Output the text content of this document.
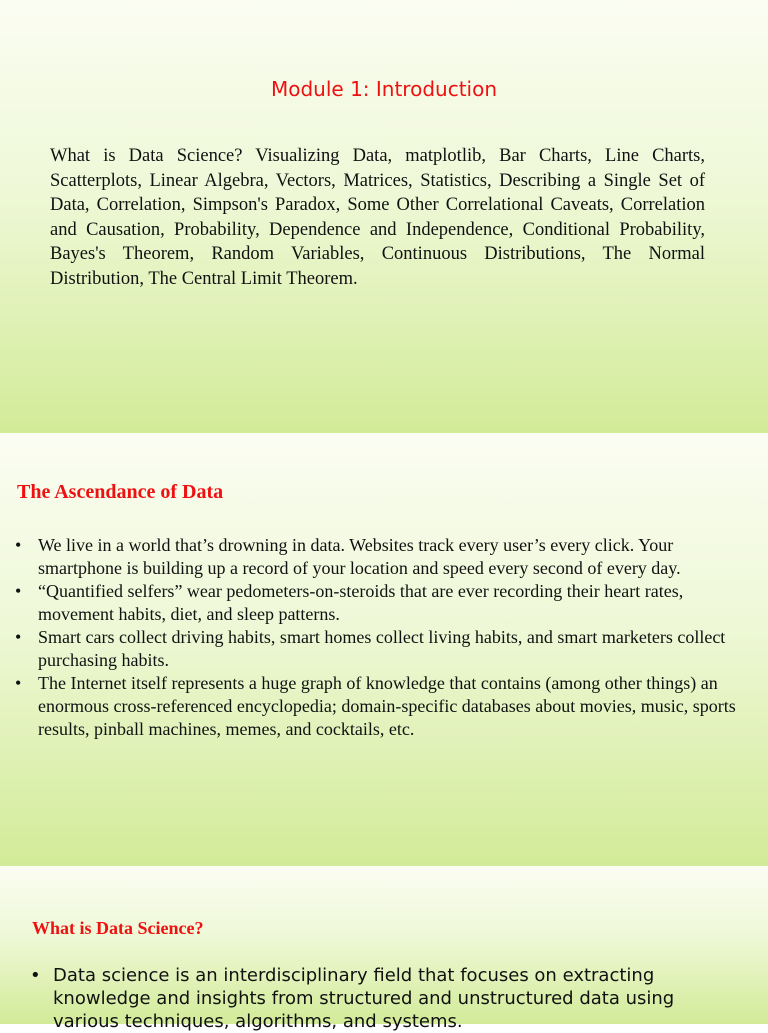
Module 1: Introduction

What is Data Science? Visualizing Data, matplotlib, Bar Charts, Line Charts, Scatterplots, Linear Algebra, Vectors, Matrices, Statistics, Describing a Single Set of Data, Correlation, Simpson's Paradox, Some Other Correlational Caveats, Correlation and Causation, Probability, Dependence and Independence, Conditional Probability, Bayes's Theorem, Random Variables, Continuous Distributions, The Normal Distribution, The Central Limit Theorem.

The Ascendance of Data
• We live in a world that’s drowning in data. Websites track every user’s every click. Your smartphone is building up a record of your location and speed every second of every day.
• “Quantified selfers” wear pedometers-on-steroids that are ever recording their heart rates, movement habits, diet, and sleep patterns.
• Smart cars collect driving habits, smart homes collect living habits, and smart marketers collect purchasing habits.
• The Internet itself represents a huge graph of knowledge that contains (among other things) an enormous cross-referenced encyclopedia; domain-specific databases about movies, music, sports results, pinball machines, memes, and cocktails, etc.
What is Data Science?
• Data science is an interdisciplinary field that focuses on extracting knowledge and insights from structured and unstructured data using various techniques, algorithms, and systems.
